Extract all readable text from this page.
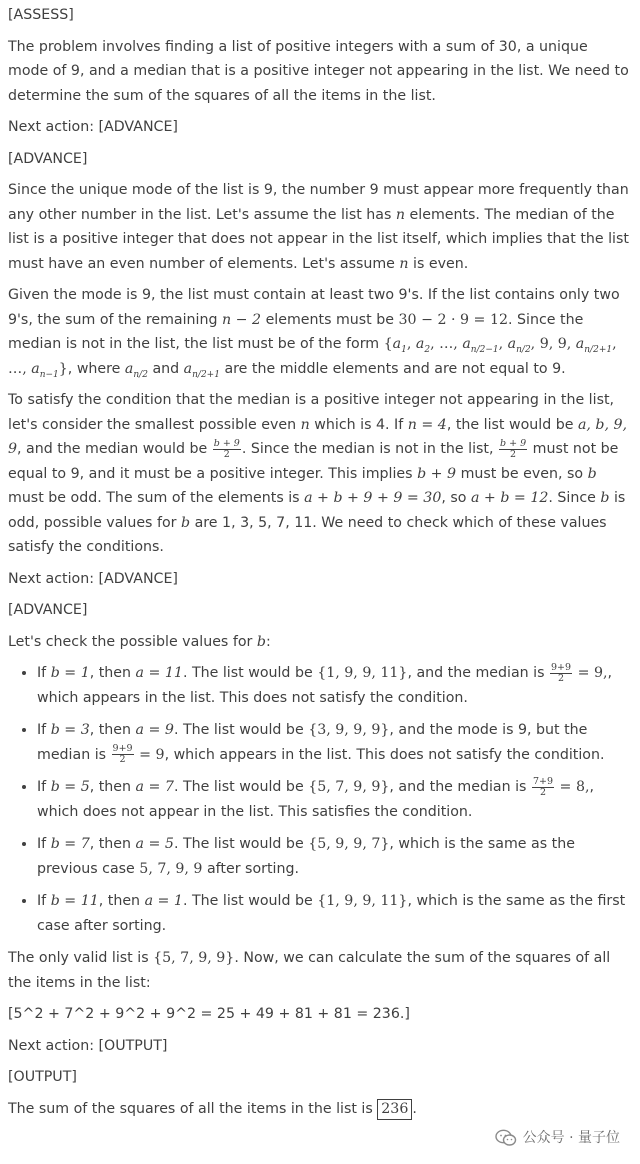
[ASSESS]

The problem involves finding a list of positive integers with a sum of 30, a unique mode of 9, and a median that is a positive integer not appearing in the list. We need to determine the sum of the squares of all the items in the list.

Next action: [ADVANCE]

[ADVANCE]

Since the unique mode of the list is 9, the number 9 must appear more frequently than any other number in the list. Let's assume the list has n elements. The median of the list is a positive integer that does not appear in the list itself, which implies that the list must have an even number of elements. Let's assume n is even.

Given the mode is 9, the list must contain at least two 9's. If the list contains only two 9's, the sum of the remaining n − 2 elements must be 30 − 2 · 9 = 12. Since the median is not in the list, the list must be of the form {$a_1$, $a_2$, …, $a_{n/2-1}$, $a_{n/2}$, 9, 9, $a_{n/2+1}$, …, $a_{n-1}$}, where $a_{n/2}$ and $a_{n/2+1}$ are the middle elements and are not equal to 9.

To satisfy the condition that the median is a positive integer not appearing in the list, let's consider the smallest possible even n which is 4. If n = 4, the list would be a, b, 9, 9, and the median would be $\frac{b + 9}{2}$ . Since the median is not in the list, $\frac{b + 9}{2}$ must not be equal to 9, and it must be a positive integer. This implies b + 9 must be even, so b must be odd. The sum of the elements is a + b + 9 + 9 = 30, so a + b = 12. Since b is odd, possible values for b are 1, 3, 5, 7, 11. We need to check which of these values satisfy the conditions.

Next action: [ADVANCE]

[ADVANCE]

Let's check the possible values for b:

• If b = 1, then a = 11. The list would be {1, 9, 9, 11}, and the median is $\frac{9+9}{2} = 9$,, which appears in the list. This does not satisfy the condition.
• If b = 3, then a = 9. The list would be {3, 9, 9, 9}, and the mode is 9, but the median is $\frac{9+9}{2} = 9$, which appears in the list. This does not satisfy the condition.
• If b = 5, then a = 7. The list would be {5, 7, 9, 9}, and the median is $\frac{7+9}{2} = 8$,, which does not appear in the list. This satisfies the condition.
• If b = 7, then a = 5. The list would be {5, 9, 9, 7}, which is the same as the previous case 5, 7, 9, 9 after sorting.
• If b = 11, then a = 1. The list would be {1, 9, 9, 11}, which is the same as the first case after sorting.

The only valid list is {5, 7, 9, 9}. Now, we can calculate the sum of the squares of all the items in the list:

[5^2 + 7^2 + 9^2 + 9^2 = 25 + 49 + 81 + 81 = 236.]

Next action: [OUTPUT]

[OUTPUT]

The sum of the squares of all the items in the list is 236 .

公众号 · 量子位
